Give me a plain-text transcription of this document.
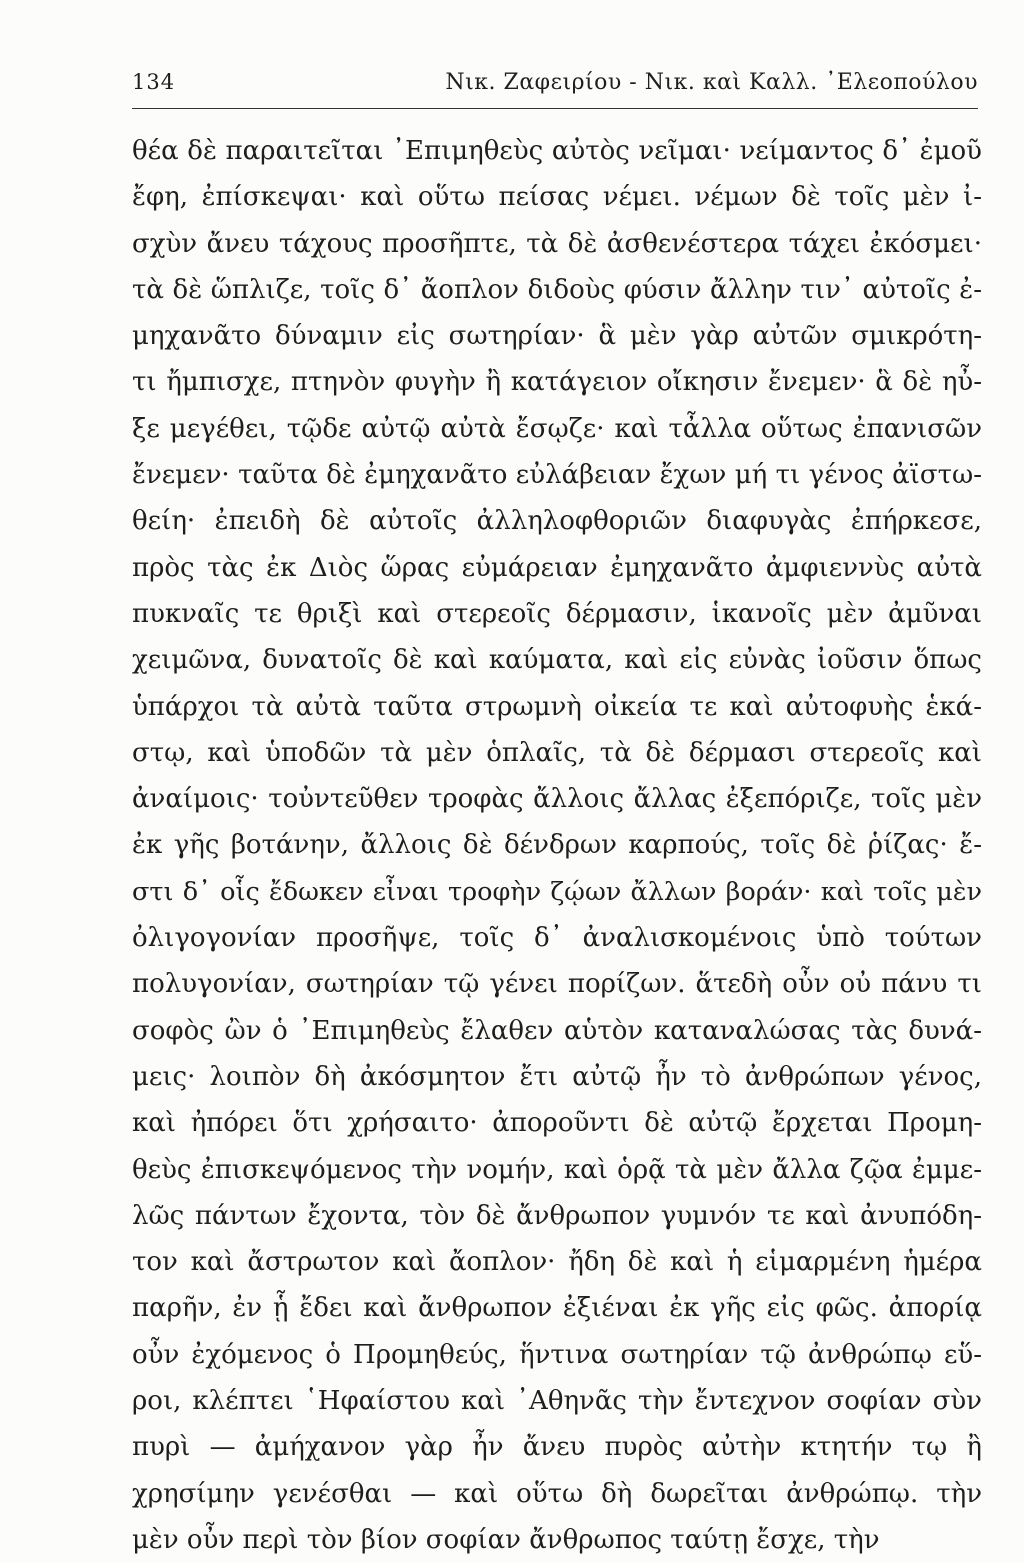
134	Νικ. Ζαφειρίου - Νικ. καὶ Καλλ. ᾿Ελεοπούλου
θέα δὲ παραιτεῖται ᾿Επιμηθεὺς αὐτὸς νεῖμαι· νείμαντος δ᾿ ἐμοῦ
ἔφη, ἐπίσκεψαι· καὶ οὕτω πείσας νέμει. νέμων δὲ τοῖς μὲν ἰ-
σχὺν ἄνευ τάχους προσῆπτε, τὰ δὲ ἀσθενέστερα τάχει ἐκόσμει·
τὰ δὲ ὥπλιζε, τοῖς δ᾿ ἄοπλον διδοὺς φύσιν ἄλλην τιν᾿ αὐτοῖς ἐ-
μηχανᾶτο δύναμιν εἰς σωτηρίαν· ἃ μὲν γὰρ αὐτῶν σμικρότη-
τι ἤμπισχε, πτηνὸν φυγὴν ἢ κατάγειον οἴκησιν ἔνεμεν· ἃ δὲ ηὖ-
ξε μεγέθει, τῷδε αὐτῷ αὐτὰ ἔσῳζε· καὶ τἆλλα οὕτως ἐπανισῶν
ἔνεμεν· ταῦτα δὲ ἐμηχανᾶτο εὐλάβειαν ἔχων μή τι γένος ἀϊστω-
θείη· ἐπειδὴ δὲ αὐτοῖς ἀλληλοφθοριῶν διαφυγὰς ἐπήρκεσε,
πρὸς τὰς ἐκ Διὸς ὥρας εὐμάρειαν ἐμηχανᾶτο ἀμφιεννὺς αὐτὰ
πυκναῖς τε θριξὶ καὶ στερεοῖς δέρμασιν, ἱκανοῖς μὲν ἀμῦναι
χειμῶνα, δυνατοῖς δὲ καὶ καύματα, καὶ εἰς εὐνὰς ἰοῦσιν ὅπως
ὑπάρχοι τὰ αὐτὰ ταῦτα στρωμνὴ οἰκεία τε καὶ αὐτοφυὴς ἑκά-
στῳ, καὶ ὑποδῶν τὰ μὲν ὁπλαῖς, τὰ δὲ δέρμασι στερεοῖς καὶ
ἀναίμοις· τοὐντεῦθεν τροφὰς ἄλλοις ἄλλας ἐξεπόριζε, τοῖς μὲν
ἐκ γῆς βοτάνην, ἄλλοις δὲ δένδρων καρπούς, τοῖς δὲ ῥίζας· ἔ-
στι δ᾿ οἷς ἔδωκεν εἶναι τροφὴν ζῴων ἄλλων βοράν· καὶ τοῖς μὲν
ὀλιγογονίαν προσῆψε, τοῖς δ᾿ ἀναλισκομένοις ὑπὸ τούτων
πολυγονίαν, σωτηρίαν τῷ γένει πορίζων. ἅτεδὴ οὖν οὐ πάνυ τι
σοφὸς ὢν ὁ ᾿Επιμηθεὺς ἔλαθεν αὑτὸν καταναλώσας τὰς δυνά-
μεις· λοιπὸν δὴ ἀκόσμητον ἔτι αὐτῷ ἦν τὸ ἀνθρώπων γένος,
καὶ ἠπόρει ὅτι χρήσαιτο· ἀποροῦντι δὲ αὐτῷ ἔρχεται Προμη-
θεὺς ἐπισκεψόμενος τὴν νομήν, καὶ ὁρᾷ τὰ μὲν ἄλλα ζῷα ἐμμε-
λῶς πάντων ἔχοντα, τὸν δὲ ἄνθρωπον γυμνόν τε καὶ ἀνυπόδη-
τον καὶ ἄστρωτον καὶ ἄοπλον· ἤδη δὲ καὶ ἡ εἱμαρμένη ἡμέρα
παρῆν, ἐν ᾗ ἔδει καὶ ἄνθρωπον ἐξιέναι ἐκ γῆς εἰς φῶς. ἀπορίᾳ
οὖν ἐχόμενος ὁ Προμηθεύς, ἥντινα σωτηρίαν τῷ ἀνθρώπῳ εὕ-
ροι, κλέπτει ῾Ηφαίστου καὶ ᾿Αθηνᾶς τὴν ἔντεχνον σοφίαν σὺν
πυρὶ — ἀμήχανον γὰρ ἦν ἄνευ πυρὸς αὐτὴν κτητήν τῳ ἢ
χρησίμην γενέσθαι — καὶ οὕτω δὴ δωρεῖται ἀνθρώπῳ. τὴν
μὲν οὖν περὶ τὸν βίον σοφίαν ἄνθρωπος ταύτῃ ἔσχε, τὴν
